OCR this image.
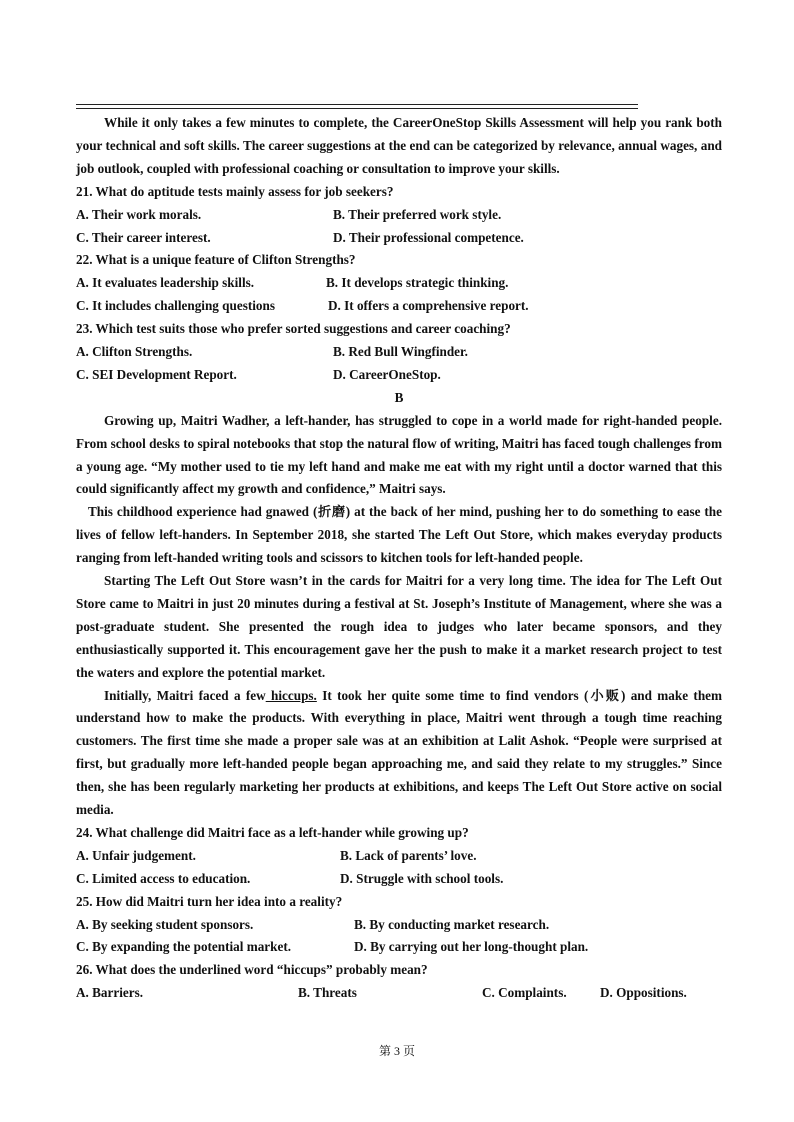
While it only takes a few minutes to complete, the CareerOneStop Skills Assessment will help you rank both your technical and soft skills. The career suggestions at the end can be categorized by relevance, annual wages, and job outlook, coupled with professional coaching or consultation to improve your skills.

21. What do aptitude tests mainly assess for job seekers?

A. Their work morals.	B. Their preferred work style.
C. Their career interest.	D. Their professional competence.

22. What is a unique feature of Clifton Strengths?

A. It evaluates leadership skills.	B. It develops strategic thinking.
C. It includes challenging questions	D. It offers a comprehensive report.

23. Which test suits those who prefer sorted suggestions and career coaching?

A. Clifton Strengths.	B. Red Bull Wingfinder.
C. SEI Development Report.	D. CareerOneStop.

B

Growing up, Maitri Wadher, a left-hander, has struggled to cope in a world made for right-handed people. From school desks to spiral notebooks that stop the natural flow of writing, Maitri has faced tough challenges from a young age. “My mother used to tie my left hand and make me eat with my right until a doctor warned that this could significantly affect my growth and confidence,” Maitri says.

This childhood experience had gnawed (折磨) at the back of her mind, pushing her to do something to ease the lives of fellow left-handers. In September 2018, she started The Left Out Store, which makes everyday products ranging from left-handed writing tools and scissors to kitchen tools for left-handed people.

Starting The Left Out Store wasn’t in the cards for Maitri for a very long time. The idea for The Left Out Store came to Maitri in just 20 minutes during a festival at St. Joseph’s Institute of Management, where she was a post-graduate student. She presented the rough idea to judges who later became sponsors, and they enthusiastically supported it. This encouragement gave her the push to make it a market research project to test the waters and explore the potential market.

Initially, Maitri faced a few hiccups. It took her quite some time to find vendors (小贩) and make them understand how to make the products. With everything in place, Maitri went through a tough time reaching customers. The first time she made a proper sale was at an exhibition at Lalit Ashok. “People were surprised at first, but gradually more left-handed people began approaching me, and said they relate to my struggles.” Since then, she has been regularly marketing her products at exhibitions, and keeps The Left Out Store active on social media.

24. What challenge did Maitri face as a left-hander while growing up?

A. Unfair judgement.	B. Lack of parents’ love.
C. Limited access to education.	D. Struggle with school tools.

25. How did Maitri turn her idea into a reality?

A. By seeking student sponsors.	B. By conducting market research.
C. By expanding the potential market.	D. By carrying out her long-thought plan.

26. What does the underlined word “hiccups” probably mean?

A. Barriers.	B. Threats	C. Complaints.	D. Oppositions.
第 3 页
